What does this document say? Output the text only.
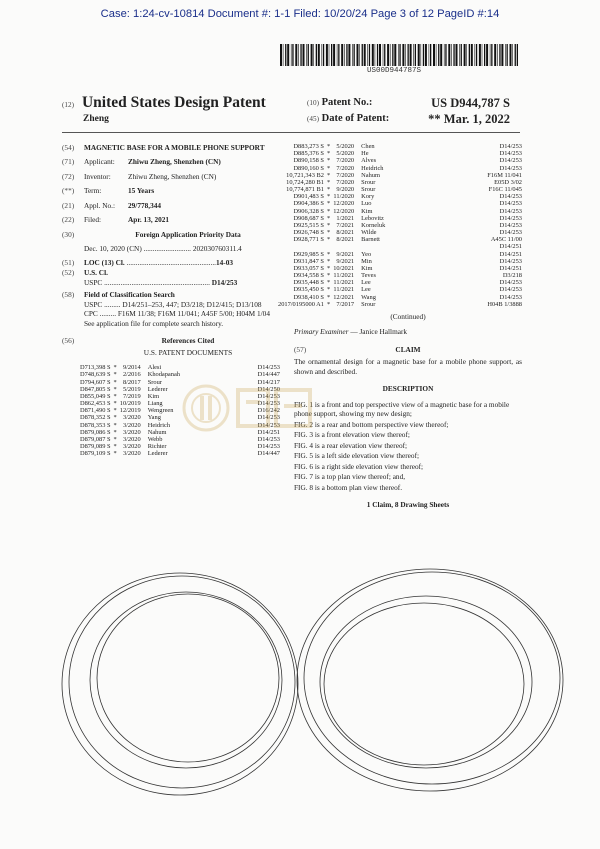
Case: 1:24-cv-10814 Document #: 1-1 Filed: 10/20/24 Page 3 of 12 PageID #:14
US00D944787S
(12) United States Design Patent
Zheng
(10) Patent No.:	US D944,787 S
(45) Date of Patent:	** Mar. 1, 2022
(54)	MAGNETIC BASE FOR A MOBILE PHONE SUPPORT
(71)	Applicant:	Zhiwu Zheng, Shenzhen (CN)
(72)	Inventor:	Zhiwu Zheng, Shenzhen (CN)
(**)	Term:	15 Years
(21)	Appl. No.:	29/778,344
(22)	Filed:	Apr. 13, 2021
(30)	Foreign Application Priority Data
Dec. 10, 2020 (CN) .......................... 202030760311.4
(51)	LOC (13) Cl. .................................................14-03
(52)	U.S. Cl.
USPC .......................................................... D14/253
(58)	Field of Classification Search
USPC ......... D14/251–253, 447; D3/218; D12/415; D13/108
CPC ......... F16M 11/38; F16M 11/041; A45F 5/00; H04M 1/04
See application file for complete search history.
(56)	References Cited
U.S. PATENT DOCUMENTS
D713,398 S	*	9/2014	Alesi	D14/253
D748,639 S	*	2/2016	Khodapanah	D14/447
D794,607 S	*	8/2017	Srour	D14/217
D847,805 S	*	5/2019	Lederer	D14/250
D855,049 S	*	7/2019	Kim	D14/253
D862,453 S	*	10/2019	Liang	D14/253
D871,490 S	*	12/2019	Wengreen	D16/242
D878,352 S	*	3/2020	Yang	D14/253
D878,353 S	*	3/2020	Heidrich	D14/253
D879,086 S	*	3/2020	Nahum	D14/251
D879,087 S	*	3/2020	Webb	D14/253
D879,089 S	*	3/2020	Richter	D14/253
D879,109 S	*	3/2020	Lederer	D14/447
D883,273 S	*	5/2020	Chen	D14/253
D885,376 S	*	5/2020	He	D14/253
D890,158 S	*	7/2020	Alves	D14/253
D890,160 S	*	7/2020	Heidrich	D14/253
10,721,343 B2	*	7/2020	Nahum	F16M 11/041
10,724,280 B1	*	7/2020	Srour	E05D 3/02
10,774,871 B1	*	9/2020	Srour	F16C 11/045
D901,483 S	*	11/2020	Kory	D14/253
D904,386 S	*	12/2020	Luo	D14/253
D906,328 S	*	12/2020	Kim	D14/253
D908,687 S	*	1/2021	Lebovitz	D14/253
D925,515 S	*	7/2021	Korneluk	D14/253
D926,748 S	*	8/2021	Wilde	D14/253
D928,771 S	*	8/2021	Barnett	A45C 11/00
				D14/251
D929,985 S	*	9/2021	Yeo	D14/251
D931,847 S	*	9/2021	Min	D14/253
D933,057 S	*	10/2021	Kim	D14/251
D934,558 S	*	11/2021	Teves	D3/218
D935,448 S	*	11/2021	Lee	D14/253
D935,450 S	*	11/2021	Lee	D14/253
D938,410 S	*	12/2021	Wang	D14/253
2017/0195000 A1	*	7/2017	Srour	H04B 1/3888
(Continued)
Primary Examiner — Janice Hallmark
(57)	CLAIM
The ornamental design for a magnetic base for a mobile phone support, as shown and described.
DESCRIPTION
FIG. 1 is a front and top perspective view of a magnetic base for a mobile phone support, showing my new design;
FIG. 2 is a rear and bottom perspective view thereof;
FIG. 3 is a front elevation view thereof;
FIG. 4 is a rear elevation view thereof;
FIG. 5 is a left side elevation view thereof;
FIG. 6 is a right side elevation view thereof;
FIG. 7 is a top plan view thereof; and,
FIG. 8 is a bottom plan view thereof.
1 Claim, 8 Drawing Sheets
